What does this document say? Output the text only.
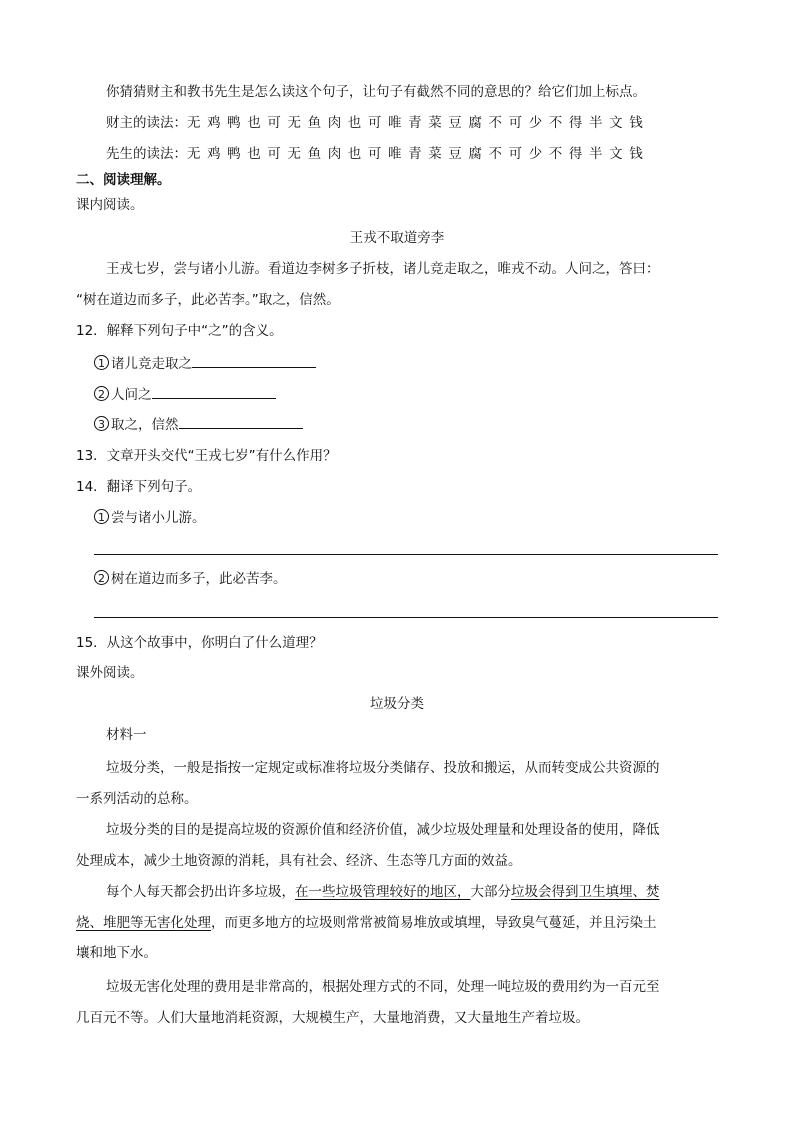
你猜猜财主和教书先生是怎么读这个句子，让句子有截然不同的意思的？给它们加上标点。
财主的读法：无鸡鸭也可无鱼肉也可唯青菜豆腐不可少不得半文钱
先生的读法：无鸡鸭也可无鱼肉也可唯青菜豆腐不可少不得半文钱
二、阅读理解。
课内阅读。
王戎不取道旁李
王戎七岁，尝与诸小儿游。看道边李树多子折枝，诸儿竞走取之，唯戎不动。人问之，答曰：
“树在道边而多子，此必苦李。”取之，信然。
12．解释下列句子中“之”的含义。
1 诸儿竞走取之
2 人问之
3 取之，信然
13．文章开头交代“王戎七岁”有什么作用？
14．翻译下列句子。
1 尝与诸小儿游。
2 树在道边而多子，此必苦李。
15．从这个故事中，你明白了什么道理？
课外阅读。
垃圾分类
材料一
垃圾分类，一般是指按一定规定或标准将垃圾分类储存、投放和搬运，从而转变成公共资源的
一系列活动的总称。
垃圾分类的目的是提高垃圾的资源价值和经济价值，减少垃圾处理量和处理设备的使用，降低
处理成本，减少土地资源的消耗，具有社会、经济、生态等几方面的效益。
每个人每天都会扔出许多垃圾，在一些垃圾管理较好的地区，大部分垃圾会得到卫生填埋、焚
烧、堆肥等无害化处理，而更多地方的垃圾则常常被简易堆放或填埋，导致臭气蔓延，并且污染土
壤和地下水。
垃圾无害化处理的费用是非常高的，根据处理方式的不同，处理一吨垃圾的费用约为一百元至
几百元不等。人们大量地消耗资源，大规模生产，大量地消费，又大量地生产着垃圾。
